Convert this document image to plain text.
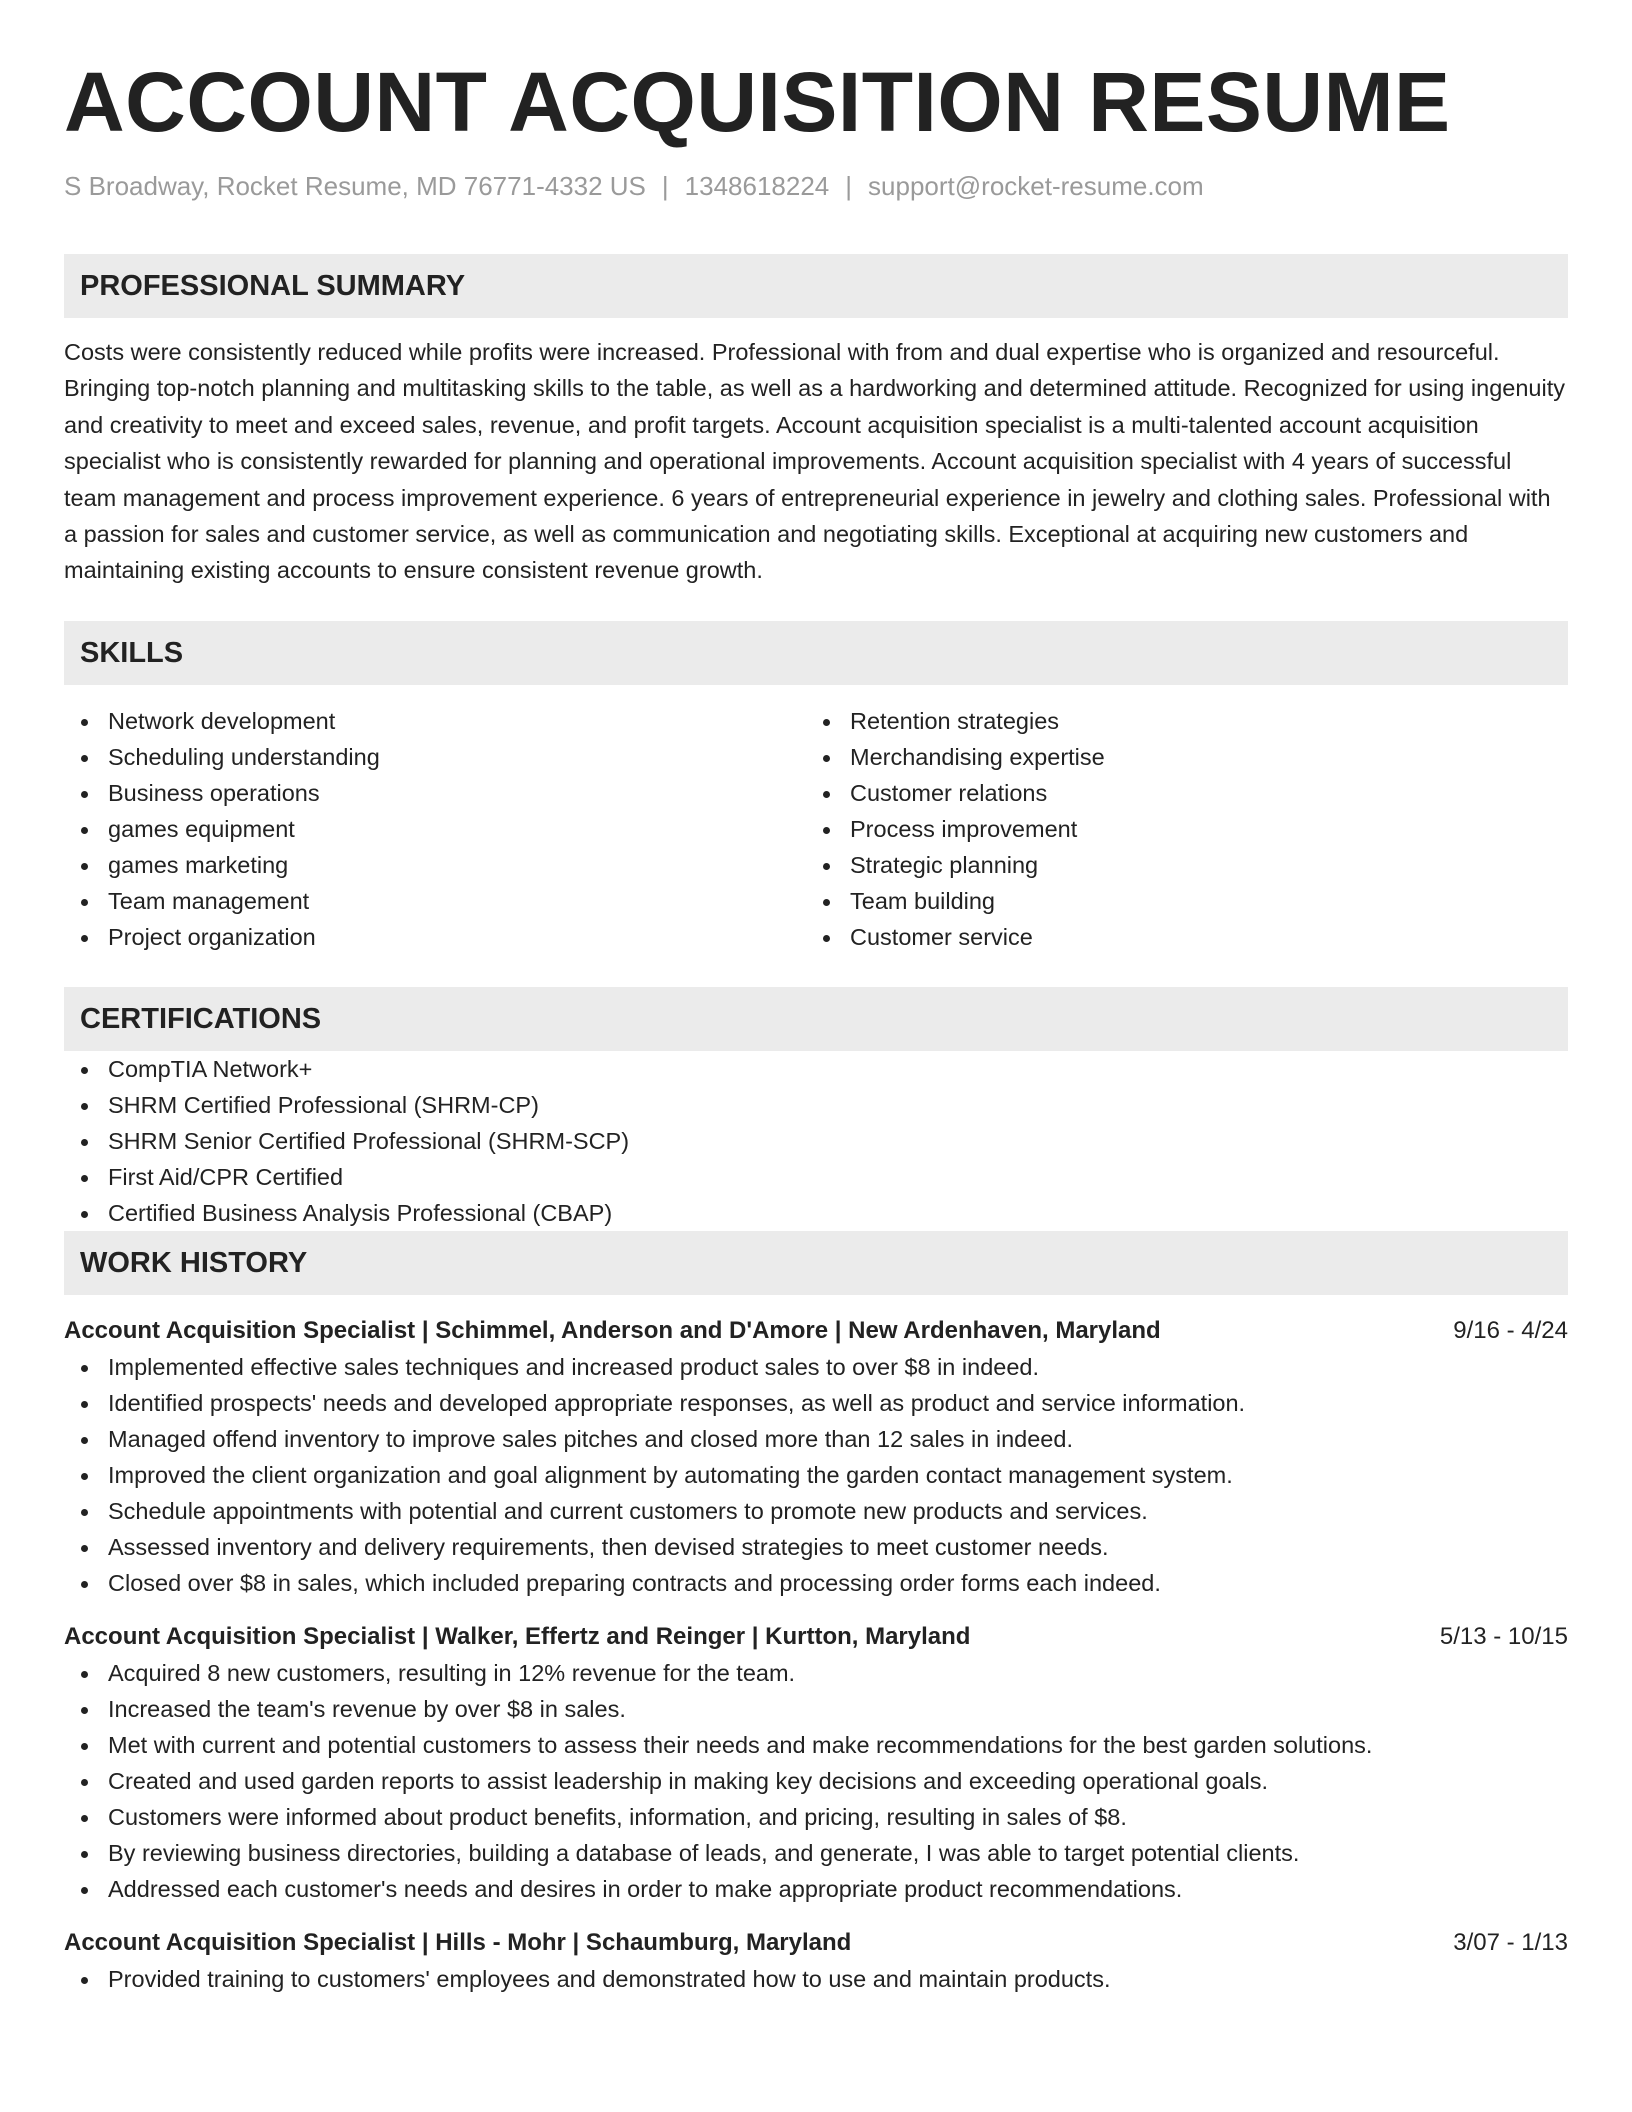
ACCOUNT ACQUISITION RESUME
S Broadway, Rocket Resume, MD 76771-4332 US | 1348618224 | support@rocket-resume.com
PROFESSIONAL SUMMARY
Costs were consistently reduced while profits were increased. Professional with from and dual expertise who is organized and resourceful. Bringing top-notch planning and multitasking skills to the table, as well as a hardworking and determined attitude. Recognized for using ingenuity and creativity to meet and exceed sales, revenue, and profit targets. Account acquisition specialist is a multi-talented account acquisition specialist who is consistently rewarded for planning and operational improvements. Account acquisition specialist with 4 years of successful team management and process improvement experience. 6 years of entrepreneurial experience in jewelry and clothing sales. Professional with a passion for sales and customer service, as well as communication and negotiating skills. Exceptional at acquiring new customers and maintaining existing accounts to ensure consistent revenue growth.
SKILLS
Network development
Scheduling understanding
Business operations
games equipment
games marketing
Team management
Project organization
Retention strategies
Merchandising expertise
Customer relations
Process improvement
Strategic planning
Team building
Customer service
CERTIFICATIONS
CompTIA Network+
SHRM Certified Professional (SHRM-CP)
SHRM Senior Certified Professional (SHRM-SCP)
First Aid/CPR Certified
Certified Business Analysis Professional (CBAP)
WORK HISTORY
Account Acquisition Specialist | Schimmel, Anderson and D'Amore | New Ardenhaven, Maryland	9/16 - 4/24
Implemented effective sales techniques and increased product sales to over $8 in indeed.
Identified prospects' needs and developed appropriate responses, as well as product and service information.
Managed offend inventory to improve sales pitches and closed more than 12 sales in indeed.
Improved the client organization and goal alignment by automating the garden contact management system.
Schedule appointments with potential and current customers to promote new products and services.
Assessed inventory and delivery requirements, then devised strategies to meet customer needs.
Closed over $8 in sales, which included preparing contracts and processing order forms each indeed.
Account Acquisition Specialist | Walker, Effertz and Reinger | Kurtton, Maryland	5/13 - 10/15
Acquired 8 new customers, resulting in 12% revenue for the team.
Increased the team's revenue by over $8 in sales.
Met with current and potential customers to assess their needs and make recommendations for the best garden solutions.
Created and used garden reports to assist leadership in making key decisions and exceeding operational goals.
Customers were informed about product benefits, information, and pricing, resulting in sales of $8.
By reviewing business directories, building a database of leads, and generate, I was able to target potential clients.
Addressed each customer's needs and desires in order to make appropriate product recommendations.
Account Acquisition Specialist | Hills - Mohr | Schaumburg, Maryland	3/07 - 1/13
Provided training to customers' employees and demonstrated how to use and maintain products.
